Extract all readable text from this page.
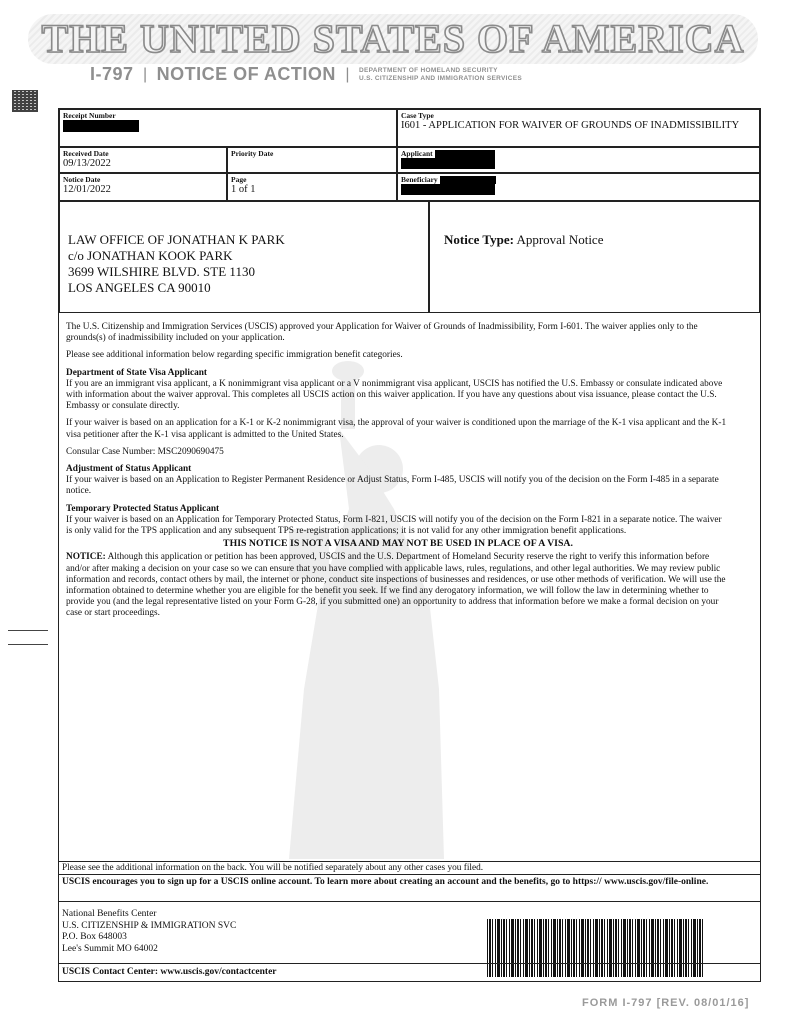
THE UNITED STATES OF AMERICA
I-797 | NOTICE OF ACTION | DEPARTMENT OF HOMELAND SECURITY
U.S. CITIZENSHIP AND IMMIGRATION SERVICES
Receipt Number	Case Type
I601 - APPLICATION FOR WAIVER OF GROUNDS OF INADMISSIBILITY
Received Date
09/13/2022
Priority Date	Applicant
Notice Date
12/01/2022
Page
1 of 1
Beneficiary
LAW OFFICE OF JONATHAN K PARK
c/o JONATHAN KOOK PARK
3699 WILSHIRE BLVD. STE 1130
LOS ANGELES CA 90010
Notice Type: Approval Notice
Please see the additional information on the back. You will be notified separately about any other cases you filed.
USCIS encourages you to sign up for a USCIS online account. To learn more about creating an account and the benefits, go to https:// www.uscis.gov/file-online.
National Benefits Center
U.S. CITIZENSHIP & IMMIGRATION SVC
P.O. Box 648003
Lee's Summit MO 64002
USCIS Contact Center: www.uscis.gov/contactcenter

The U.S. Citizenship and Immigration Services (USCIS) approved your Application for Waiver of Grounds of Inadmissibility, Form I-601. The waiver applies only to the grounds(s) of inadmissibility included on your application.

Please see additional information below regarding specific immigration benefit categories.

Department of State Visa Applicant

If you are an immigrant visa applicant, a K nonimmigrant visa applicant or a V nonimmigrant visa applicant, USCIS has notified the U.S. Embassy or consulate indicated above with information about the waiver approval. This completes all USCIS action on this waiver application. If you have any questions about visa issuance, please contact the U.S. Embassy or consulate directly.

If your waiver is based on an application for a K-1 or K-2 nonimmigrant visa, the approval of your waiver is conditioned upon the marriage of the K-1 visa applicant and the K-1 visa petitioner after the K-1 visa applicant is admitted to the United States.

Consular Case Number: MSC2090690475

Adjustment of Status Applicant

If your waiver is based on an Application to Register Permanent Residence or Adjust Status, Form I-485, USCIS will notify you of the decision on the Form I-485 in a separate notice.

Temporary Protected Status Applicant

If your waiver is based on an Application for Temporary Protected Status, Form I-821, USCIS will notify you of the decision on the Form I-821 in a separate notice. The waiver is only valid for the TPS application and any subsequent TPS re-registration applications; it is not valid for any other immigration benefit applications.

THIS NOTICE IS NOT A VISA AND MAY NOT BE USED IN PLACE OF A VISA.

NOTICE: Although this application or petition has been approved, USCIS and the U.S. Department of Homeland Security reserve the right to verify this information before and/or after making a decision on your case so we can ensure that you have complied with applicable laws, rules, regulations, and other legal authorities. We may review public information and records, contact others by mail, the internet or phone, conduct site inspections of businesses and residences, or use other methods of verification. We will use the information obtained to determine whether you are eligible for the benefit you seek. If we find any derogatory information, we will follow the law in determining whether to provide you (and the legal representative listed on your Form G-28, if you submitted one) an opportunity to address that information before we make a formal decision on your case or start proceedings.

FORM I-797 [REV. 08/01/16]
